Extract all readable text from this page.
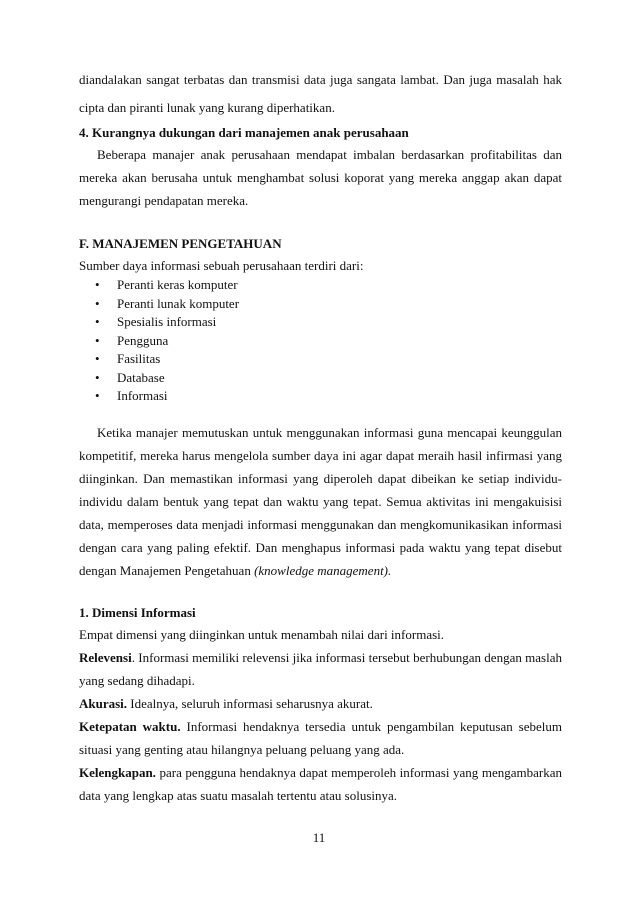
diandalakan sangat terbatas dan transmisi data juga sangata lambat. Dan juga masalah hak
cipta dan piranti lunak yang kurang diperhatikan.
4. Kurangnya dukungan dari manajemen anak perusahaan
Beberapa manajer anak perusahaan mendapat imbalan berdasarkan profitabilitas dan
mereka akan berusaha untuk menghambat solusi koporat yang mereka anggap akan dapat
mengurangi pendapatan mereka.
F. MANAJEMEN PENGETAHUAN
Sumber daya informasi sebuah perusahaan terdiri dari:
• Peranti keras komputer
• Peranti lunak komputer
• Spesialis informasi
• Pengguna
• Fasilitas
• Database
• Informasi
Ketika manajer memutuskan untuk menggunakan informasi guna mencapai keunggulan
kompetitif, mereka harus mengelola sumber daya ini agar dapat meraih hasil infirmasi yang
diinginkan. Dan memastikan informasi yang diperoleh dapat dibeikan ke setiap individu-
individu dalam bentuk yang tepat dan waktu yang tepat. Semua aktivitas ini mengakuisisi
data, memperoses data menjadi informasi menggunakan dan mengkomunikasikan informasi
dengan cara yang paling efektif. Dan menghapus informasi pada waktu yang tepat disebut
dengan Manajemen Pengetahuan (knowledge management).
1. Dimensi Informasi
Empat dimensi yang diinginkan untuk menambah nilai dari informasi.
Relevensi. Informasi memiliki relevensi jika informasi tersebut berhubungan dengan maslah
yang sedang dihadapi.
Akurasi. Idealnya, seluruh informasi seharusnya akurat.
Ketepatan waktu. Informasi hendaknya tersedia untuk pengambilan keputusan sebelum
situasi yang genting atau hilangnya peluang peluang yang ada.
Kelengkapan. para pengguna hendaknya dapat memperoleh informasi yang mengambarkan
data yang lengkap atas suatu masalah tertentu atau solusinya.
11
